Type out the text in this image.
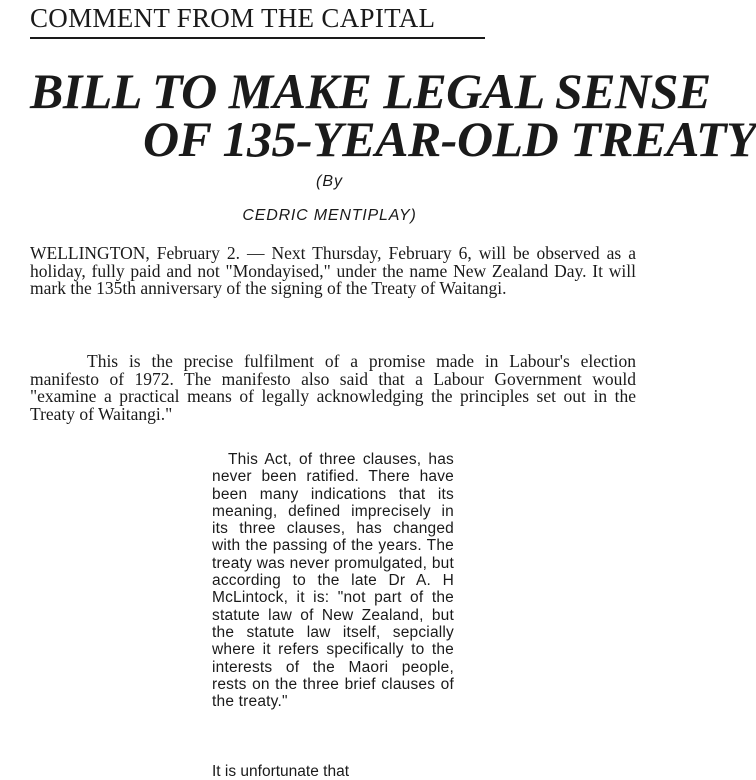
COMMENT FROM THE CAPITAL
BILL TO MAKE LEGAL SENSE
OF 135-YEAR-OLD TREATY
(By
CEDRIC MENTIPLAY)
WELLINGTON, February 2. — Next Thursday, February 6, will be observed as a holiday, fully paid and not "Mondayised," under the name New Zealand Day. It will mark the 135th anniversary of the signing of the Treaty of Waitangi.
This is the precise fulfilment of a promise made in Labour's election manifesto of 1972. The manifesto also said that a Labour Government would "examine a practical means of legally acknowledging the principles set out in the Treaty of Waitangi."
This Act, of three clauses, has never been ratified. There have been many indications that its meaning, defined imprecisely in its three clauses, has changed with the passing of the years. The treaty was never promulgated, but according to the late Dr A. H McLintock, it is: "not part of the statute law of New Zealand, but the statute law itself, sepcially where it refers specifically to the interests of the Maori people, rests on the three brief clauses of the treaty."
It is unfortunate that
